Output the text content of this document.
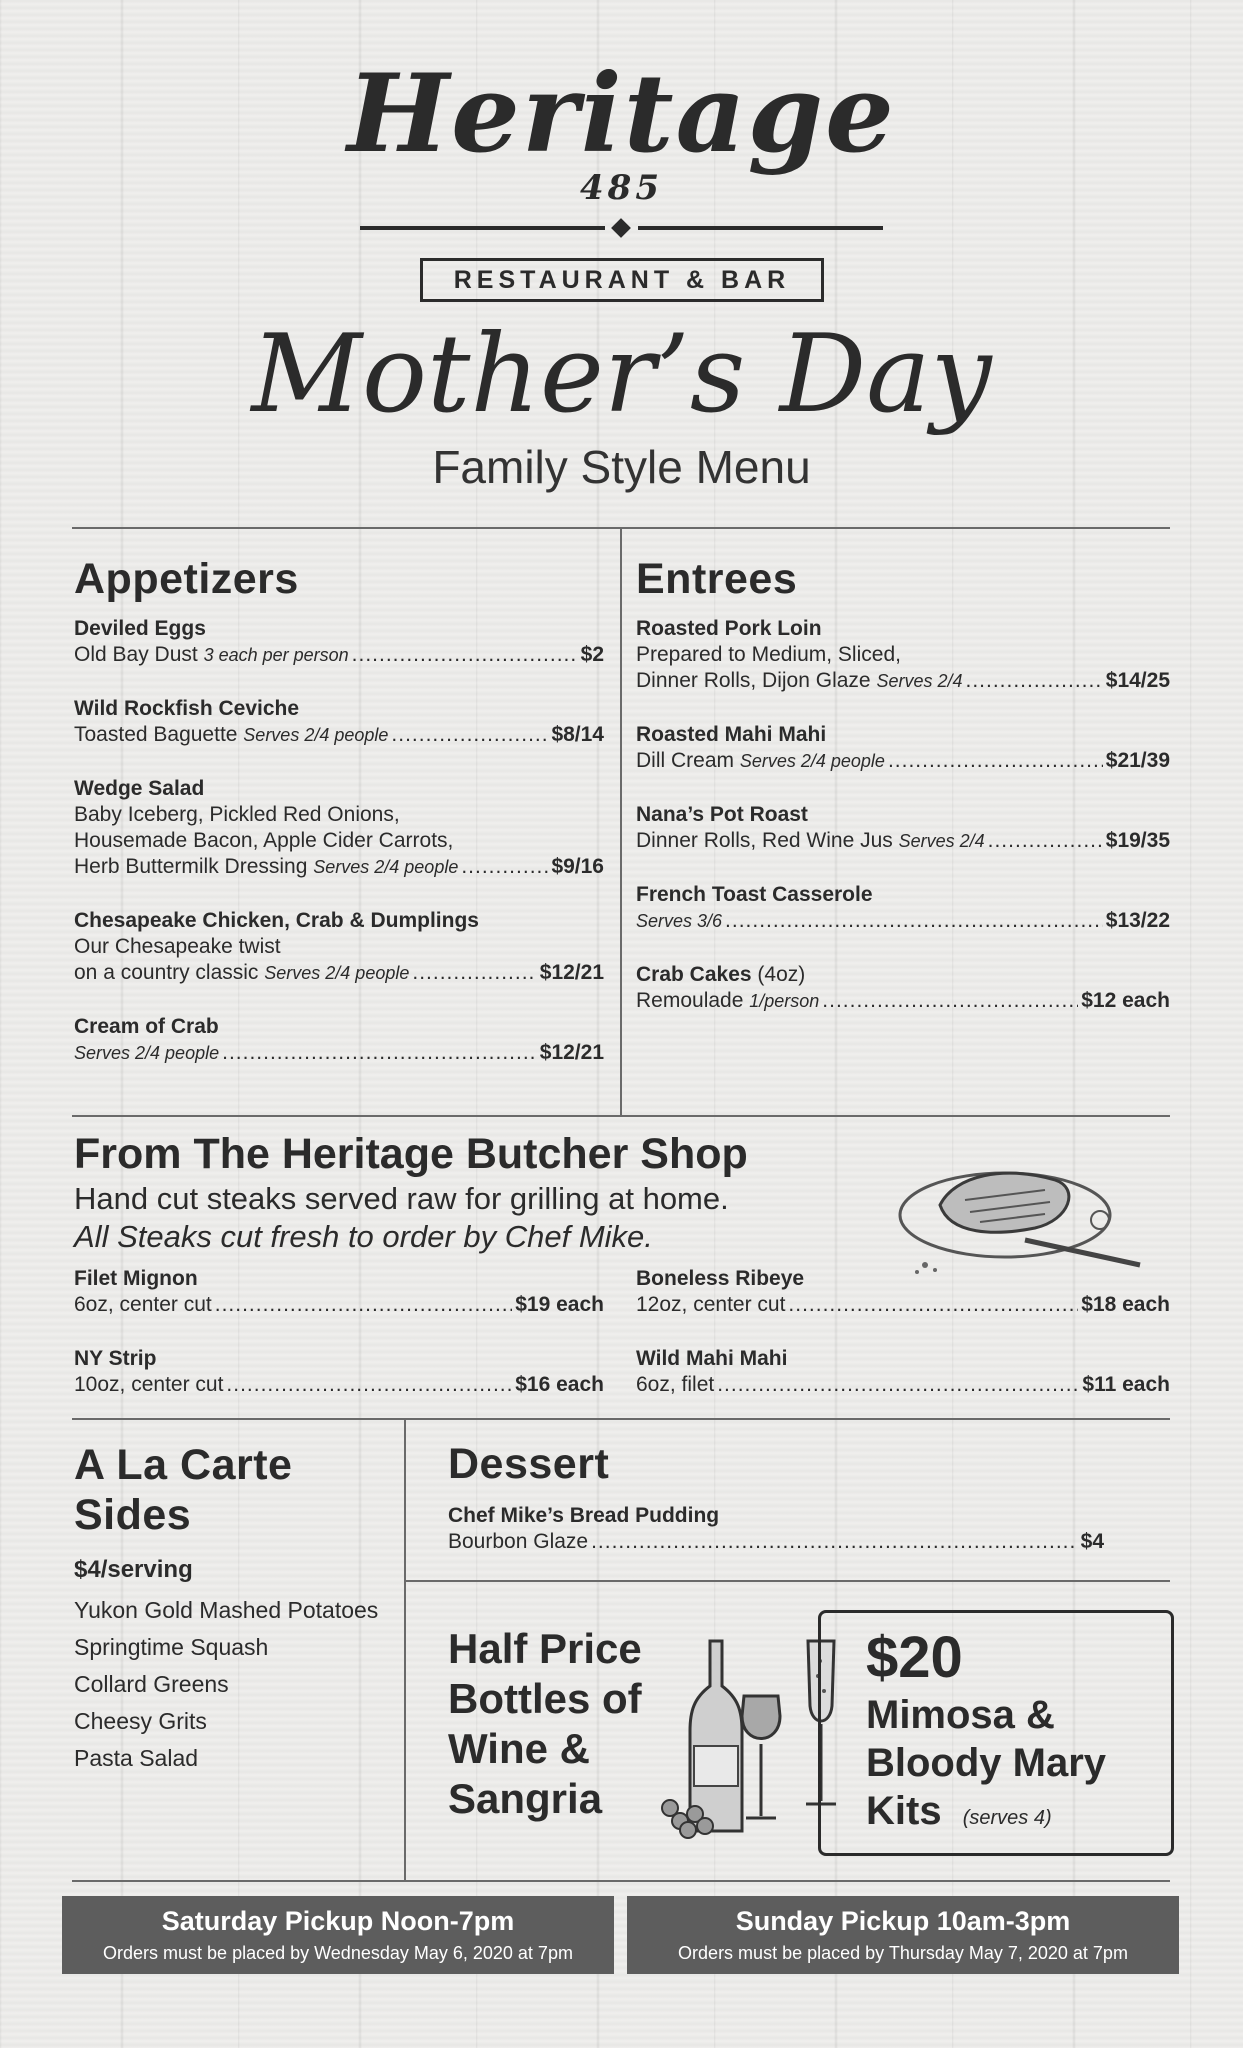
Heritage
485
RESTAURANT & BAR
Mother’s Day
Family Style Menu
Appetizers
Deviled Eggs
Old Bay Dust 3 each per person .....	$2
Wild Rockfish Ceviche
Toasted Baguette Serves 2/4 people .....	$8/14
Wedge Salad
Baby Iceberg, Pickled Red Onions,
Housemade Bacon, Apple Cider Carrots,
Herb Buttermilk Dressing Serves 2/4 people .....	$9/16
Chesapeake Chicken, Crab & Dumplings
Our Chesapeake twist
on a country classic Serves 2/4 people .....	$12/21
Cream of Crab
Serves 2/4 people .....	$12/21
Entrees
Roasted Pork Loin
Prepared to Medium, Sliced,
Dinner Rolls, Dijon Glaze Serves 2/4 .....	$14/25
Roasted Mahi Mahi
Dill Cream Serves 2/4 people .....	$21/39
Nana’s Pot Roast
Dinner Rolls, Red Wine Jus Serves 2/4 .....	$19/35
French Toast Casserole
Serves 3/6 .....	$13/22
Crab Cakes (4oz)
Remoulade 1/person .....	$12 each
From The Heritage Butcher Shop
Hand cut steaks served raw for grilling at home.
All Steaks cut fresh to order by Chef Mike.
Filet Mignon
6oz, center cut .....	$19 each
Boneless Ribeye
12oz, center cut .....	$18 each
NY Strip
10oz, center cut .....	$16 each
Wild Mahi Mahi
6oz, filet .....	$11 each
A La Carte
Sides
$4/serving
Yukon Gold Mashed Potatoes
Springtime Squash
Collard Greens
Cheesy Grits
Pasta Salad
Dessert
Chef Mike’s Bread Pudding
Bourbon Glaze .....	$4
Half Price
Bottles of
Wine &
Sangria
$20
Mimosa &
Bloody Mary
Kits (serves 4)
Saturday Pickup Noon-7pm
Orders must be placed by Wednesday May 6, 2020 at 7pm
Sunday Pickup 10am-3pm
Orders must be placed by Thursday May 7, 2020 at 7pm
